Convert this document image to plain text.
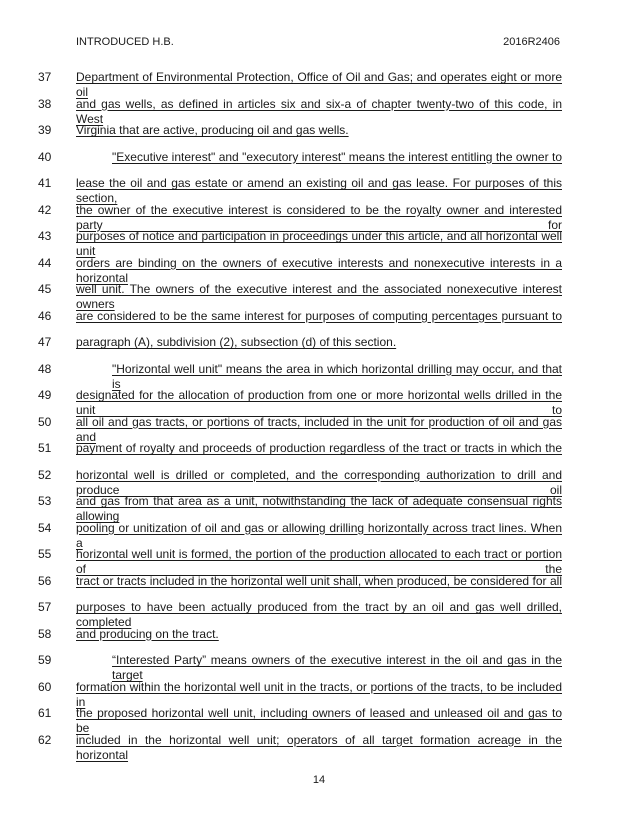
INTRODUCED H.B.	2016R2406
37	Department of Environmental Protection, Office of Oil and Gas; and operates eight or more oil
38	and gas wells, as defined in articles six and six-a of chapter twenty-two of this code, in West
39	Virginia that are active, producing oil and gas wells.
40	"Executive interest" and "executory interest" means the interest entitling the owner to
41	lease the oil and gas estate or amend an existing oil and gas lease. For purposes of this section,
42	the owner of the executive interest is considered to be the royalty owner and interested party for
43	purposes of notice and participation in proceedings under this article, and all horizontal well unit
44	orders are binding on the owners of executive interests and nonexecutive interests in a horizontal
45	well unit. The owners of the executive interest and the associated nonexecutive interest owners
46	are considered to be the same interest for purposes of computing percentages pursuant to
47	paragraph (A), subdivision (2), subsection (d) of this section.
48	"Horizontal well unit" means the area in which horizontal drilling may occur, and that is
49	designated for the allocation of production from one or more horizontal wells drilled in the unit to
50	all oil and gas tracts, or portions of tracts, included in the unit for production of oil and gas and
51	payment of royalty and proceeds of production regardless of the tract or tracts in which the
52	horizontal well is drilled or completed, and the corresponding authorization to drill and produce oil
53	and gas from that area as a unit, notwithstanding the lack of adequate consensual rights allowing
54	pooling or unitization of oil and gas or allowing drilling horizontally across tract lines. When a
55	horizontal well unit is formed, the portion of the production allocated to each tract or portion of the
56	tract or tracts included in the horizontal well unit shall, when produced, be considered for all
57	purposes to have been actually produced from the tract by an oil and gas well drilled, completed
58	and producing on the tract.
59	“Interested Party” means owners of the executive interest in the oil and gas in the target
60	formation within the horizontal well unit in the tracts, or portions of the tracts, to be included in
61	the proposed horizontal well unit, including owners of leased and unleased oil and gas to be
62	included in the horizontal well unit; operators of all target formation acreage in the horizontal
14
